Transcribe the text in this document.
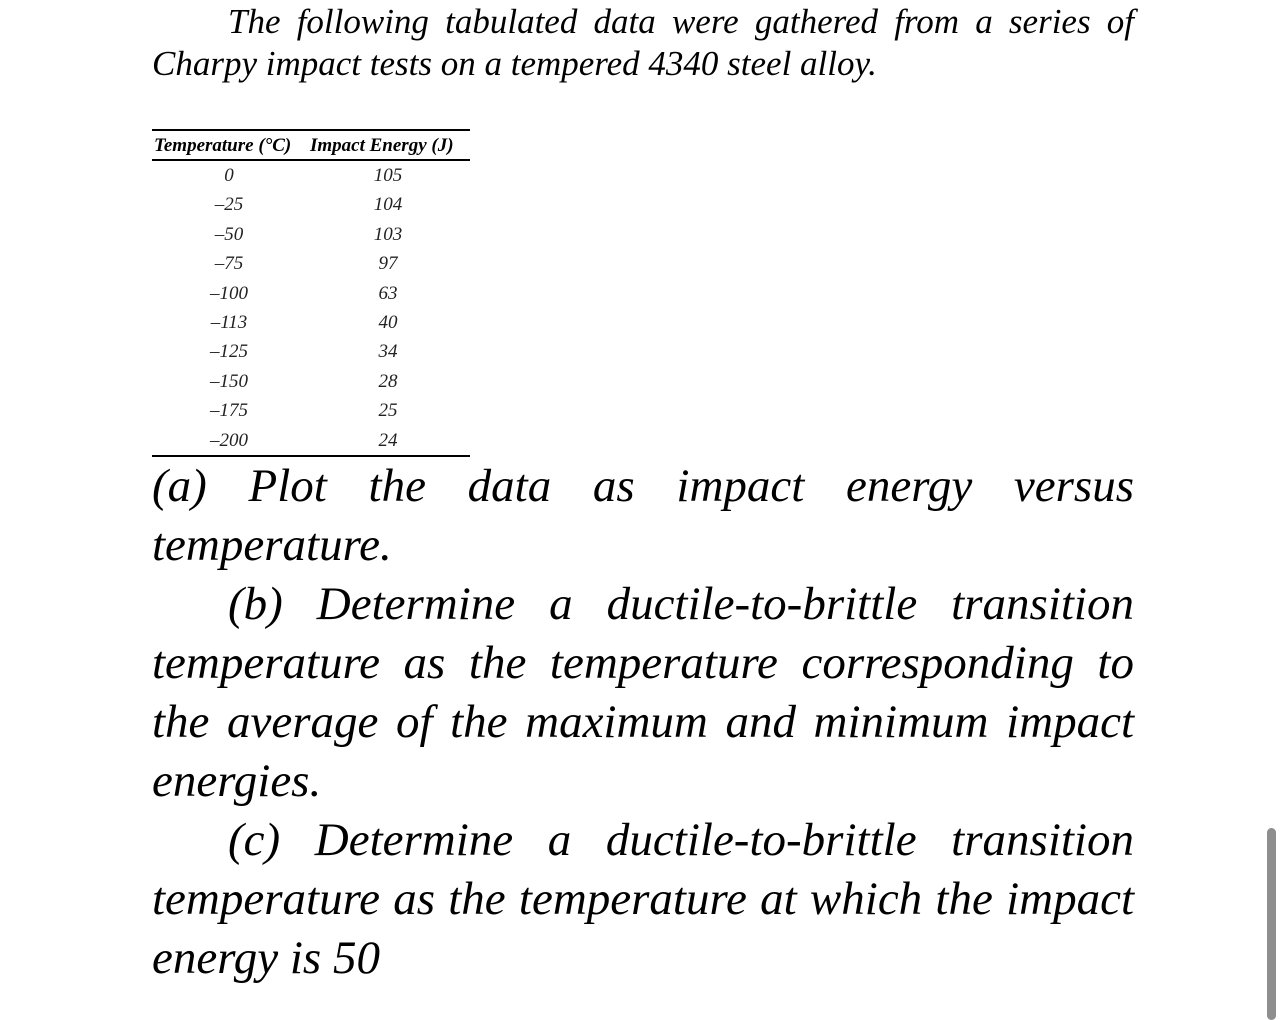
The following tabulated data were gathered from a series of Charpy impact tests on a tempered 4340 steel alloy.

Temperature (°C)	Impact Energy (J)
0	105
–25	104
–50	103
–75	97
–100	63
–113	40
–125	34
–150	28
–175	25
–200	24

(a) Plot the data as impact energy versus temperature.

(b) Determine a ductile-to-brittle transition temperature as the temperature corresponding to the average of the maximum and minimum impact energies.

(c) Determine a ductile-to-brittle transition temperature as the temperature at which the impact energy is 50
